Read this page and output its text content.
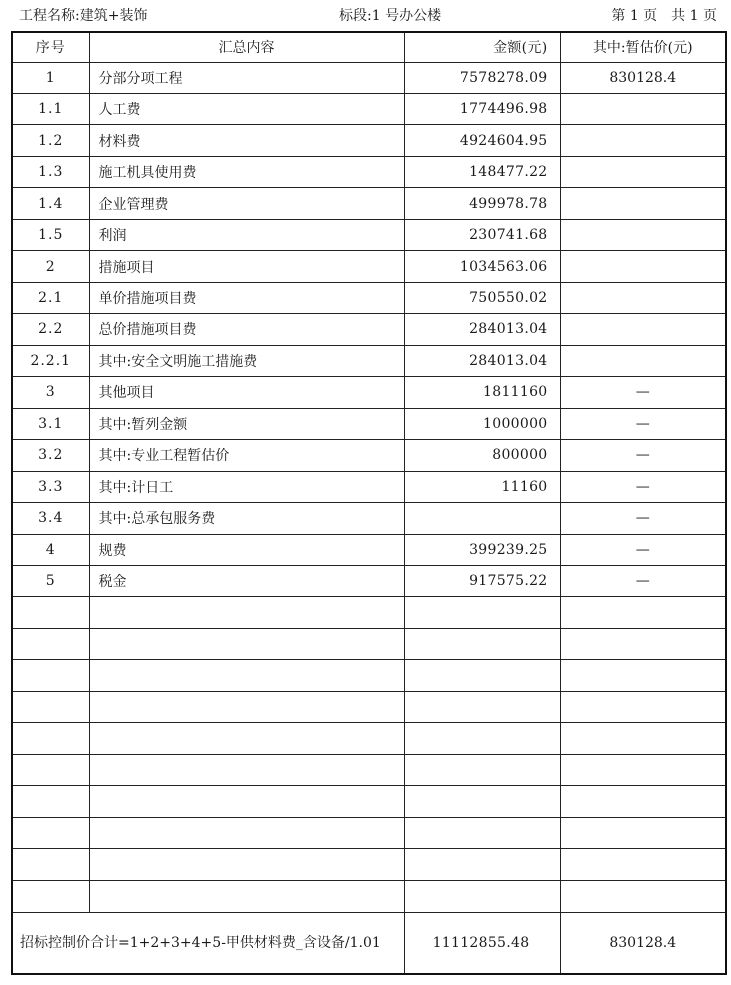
工程名称:建筑+装饰	标段:1 号办公楼	第 1 页　共 1 页
序号	汇总内容	金额(元)	其中:暂估价(元)
1	分部分项工程	7578278.09	830128.4
1.1	人工费	1774496.98	
1.2	材料费	4924604.95	
1.3	施工机具使用费	148477.22	
1.4	企业管理费	499978.78	
1.5	利润	230741.68	
2	措施项目	1034563.06	
2.1	单价措施项目费	750550.02	
2.2	总价措施项目费	284013.04	
2.2.1	其中:安全文明施工措施费	284013.04	
3	其他项目	1811160	—
3.1	其中:暂列金额	1000000	—
3.2	其中:专业工程暂估价	800000	—
3.3	其中:计日工	11160	—
3.4	其中:总承包服务费		—
4	规费	399239.25	—
5	税金	917575.22	—

招标控制价合计=1+2+3+4+5-甲供材料费_含设备/1.01		11112855.48	830128.4
